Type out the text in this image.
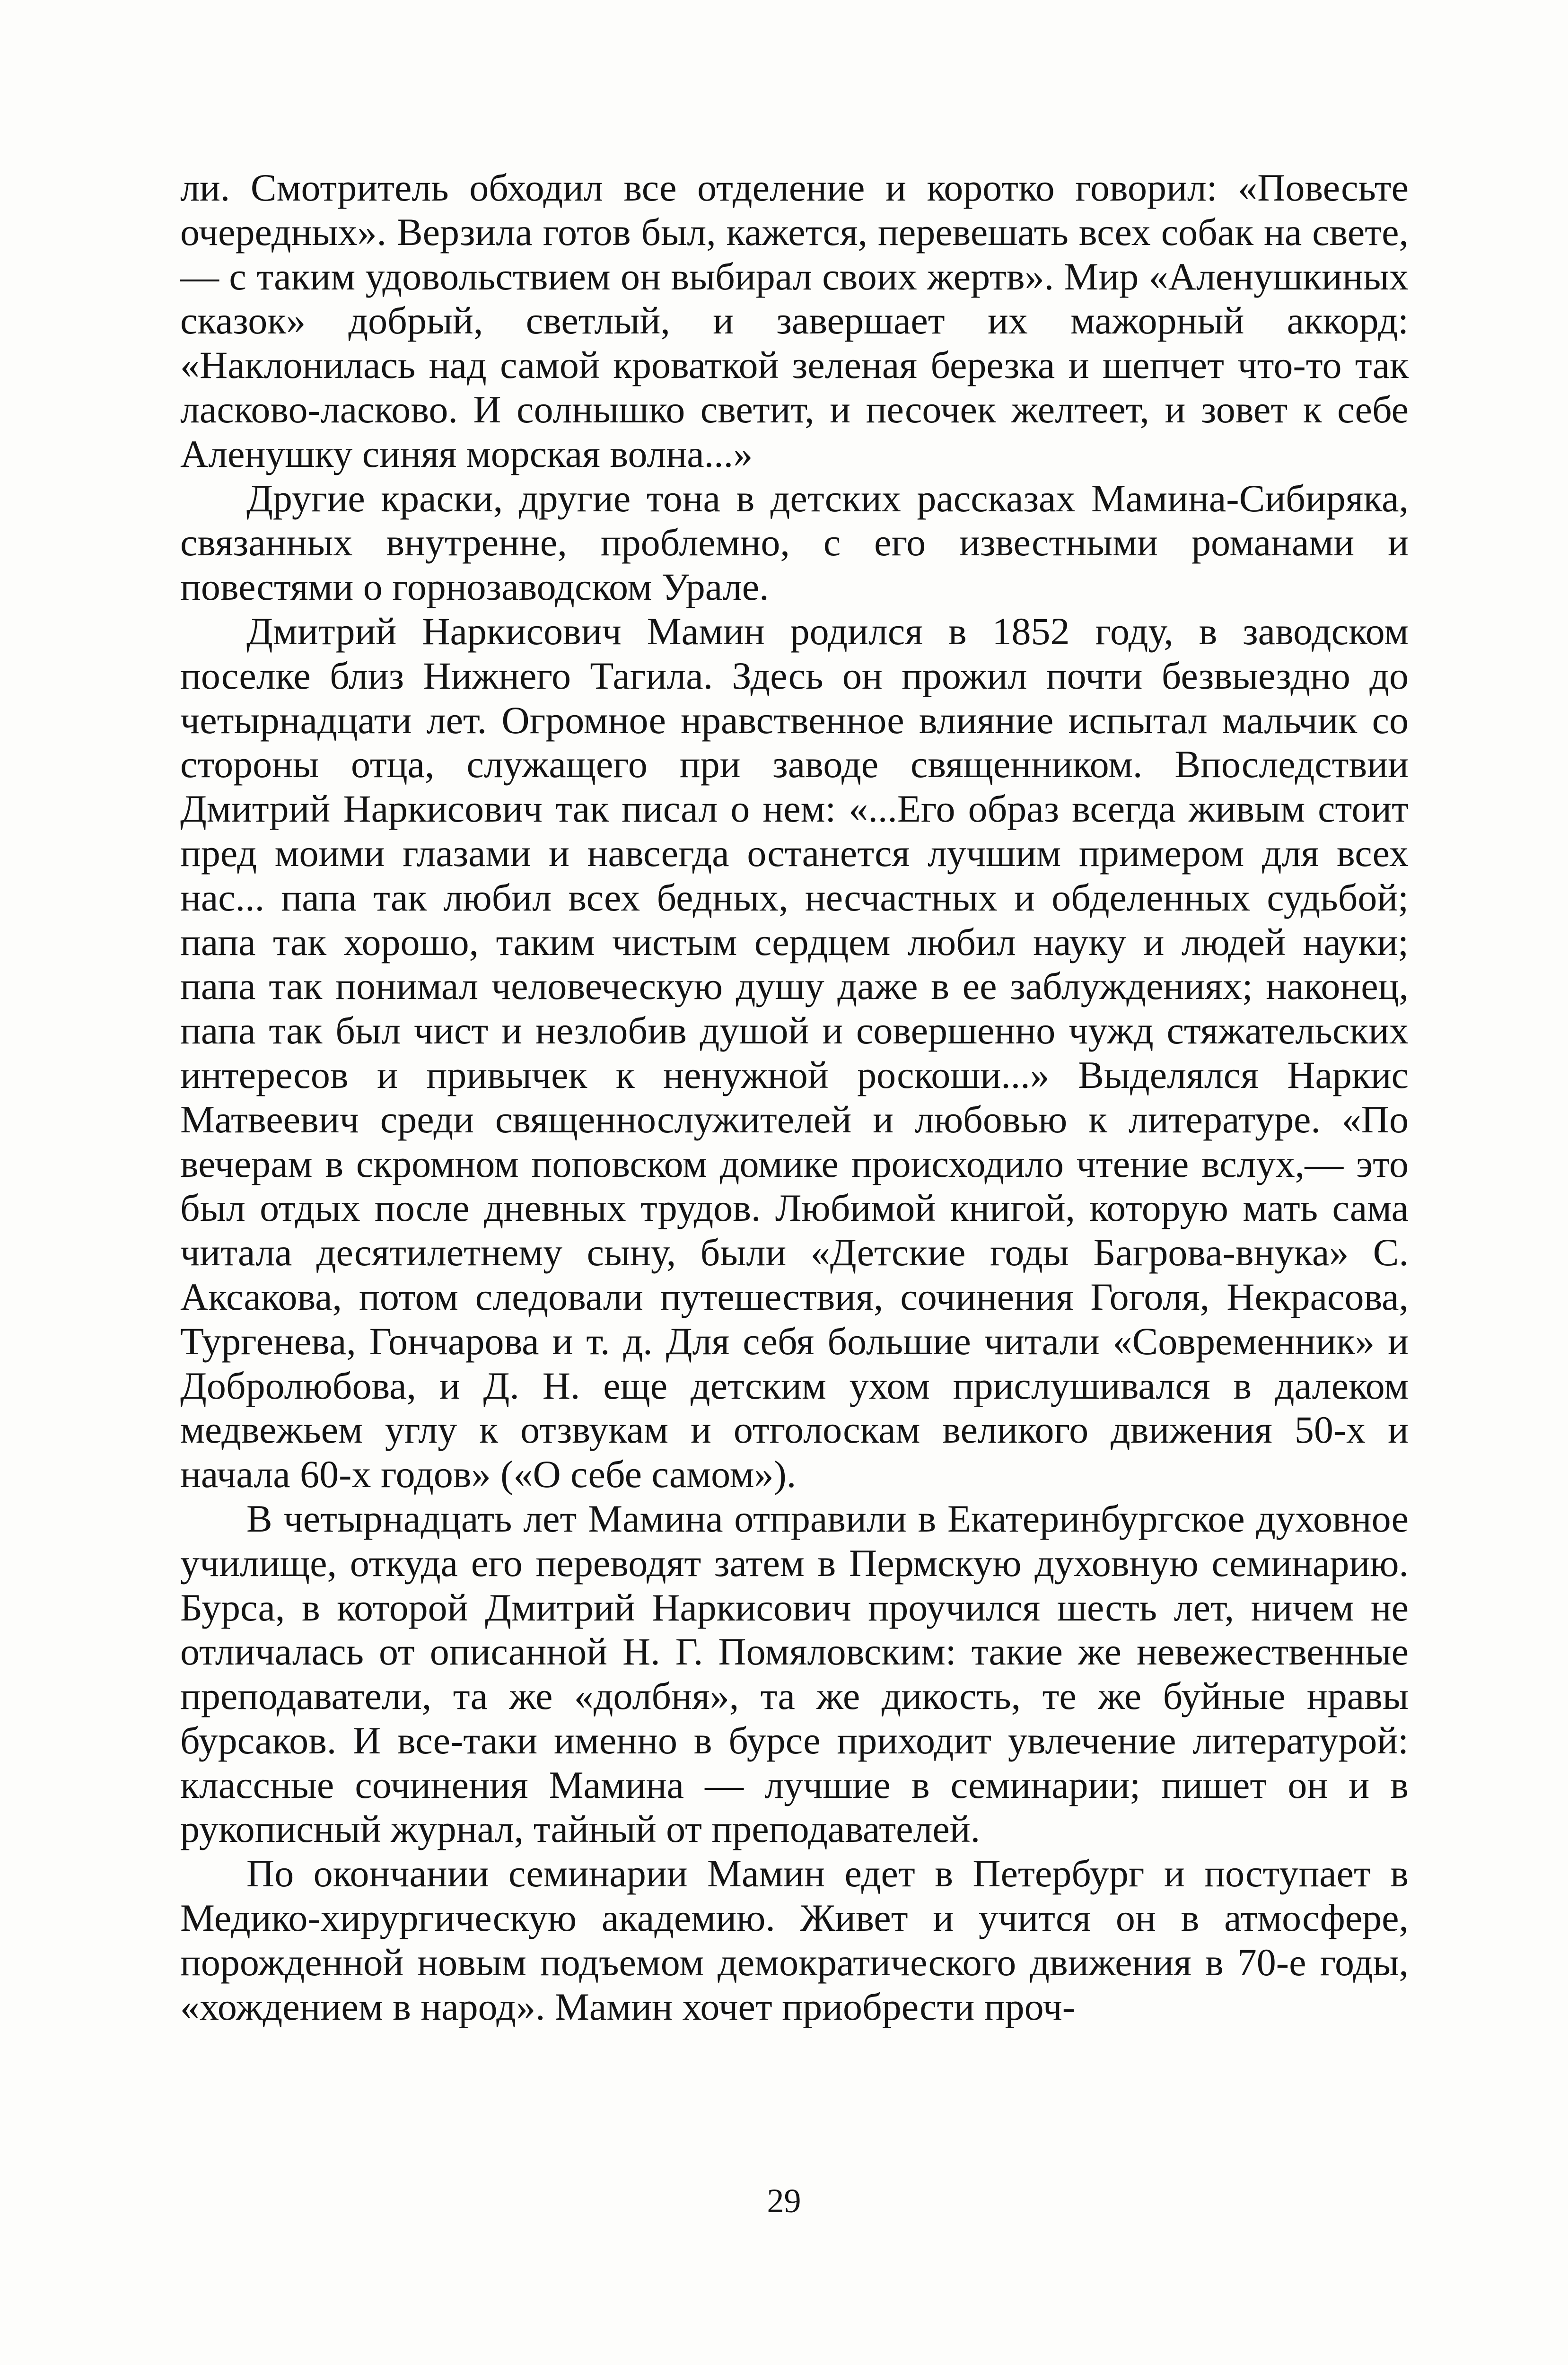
ли. Смотритель обходил все отделение и коротко говорил: «Повесьте очередных». Верзила готов был, кажется, перевешать всех собак на свете,— с таким удовольствием он выбирал своих жертв». Мир «Аленушкиных сказок» добрый, светлый, и завершает их мажорный аккорд: «Наклонилась над самой кроваткой зеленая березка и шепчет что-то так ласково-ласково. И солнышко светит, и песочек желтеет, и зовет к себе Аленушку синяя морская волна...»

Другие краски, другие тона в детских рассказах Мамина-Сибиряка, связанных внутренне, проблемно, с его известными романами и повестями о горнозаводском Урале.

Дмитрий Наркисович Мамин родился в 1852 году, в заводском поселке близ Нижнего Тагила. Здесь он прожил почти безвыездно до четырнадцати лет. Огромное нравственное влияние испытал мальчик со стороны отца, служащего при заводе священником. Впоследствии Дмитрий Наркисович так писал о нем: «...Его образ всегда живым стоит пред моими глазами и навсегда останется лучшим примером для всех нас... папа так любил всех бедных, несчастных и обделенных судьбой; папа так хорошо, таким чистым сердцем любил науку и людей науки; папа так понимал человеческую душу даже в ее заблуждениях; наконец, папа так был чист и незлобив душой и совершенно чужд стяжательских интересов и привычек к ненужной роскоши...» Выделялся Наркис Матвеевич среди священнослужителей и любовью к литературе. «По вечерам в скромном поповском домике происходило чтение вслух,— это был отдых после дневных трудов. Любимой книгой, которую мать сама читала десятилетнему сыну, были «Детские годы Багрова-внука» С. Аксакова, потом следовали путешествия, сочинения Гоголя, Некрасова, Тургенева, Гончарова и т. д. Для себя большие читали «Современник» и Добролюбова, и Д. Н. еще детским ухом прислушивался в далеком медвежьем углу к отзвукам и отголоскам великого движения 50-х и начала 60-х годов» («О себе самом»).

В четырнадцать лет Мамина отправили в Екатеринбургское духовное училище, откуда его переводят затем в Пермскую духовную семинарию. Бурса, в которой Дмитрий Наркисович проучился шесть лет, ничем не отличалась от описанной Н. Г. Помяловским: такие же невежественные преподаватели, та же «долбня», та же дикость, те же буйные нравы бурсаков. И все-таки именно в бурсе приходит увлечение литературой: классные сочинения Мамина — лучшие в семинарии; пишет он и в рукописный журнал, тайный от преподавателей.

По окончании семинарии Мамин едет в Петербург и поступает в Медико-хирургическую академию. Живет и учится он в атмосфере, порожденной новым подъемом демократического движения в 70-е годы, «хождением в народ». Мамин хочет приобрести проч-

29
